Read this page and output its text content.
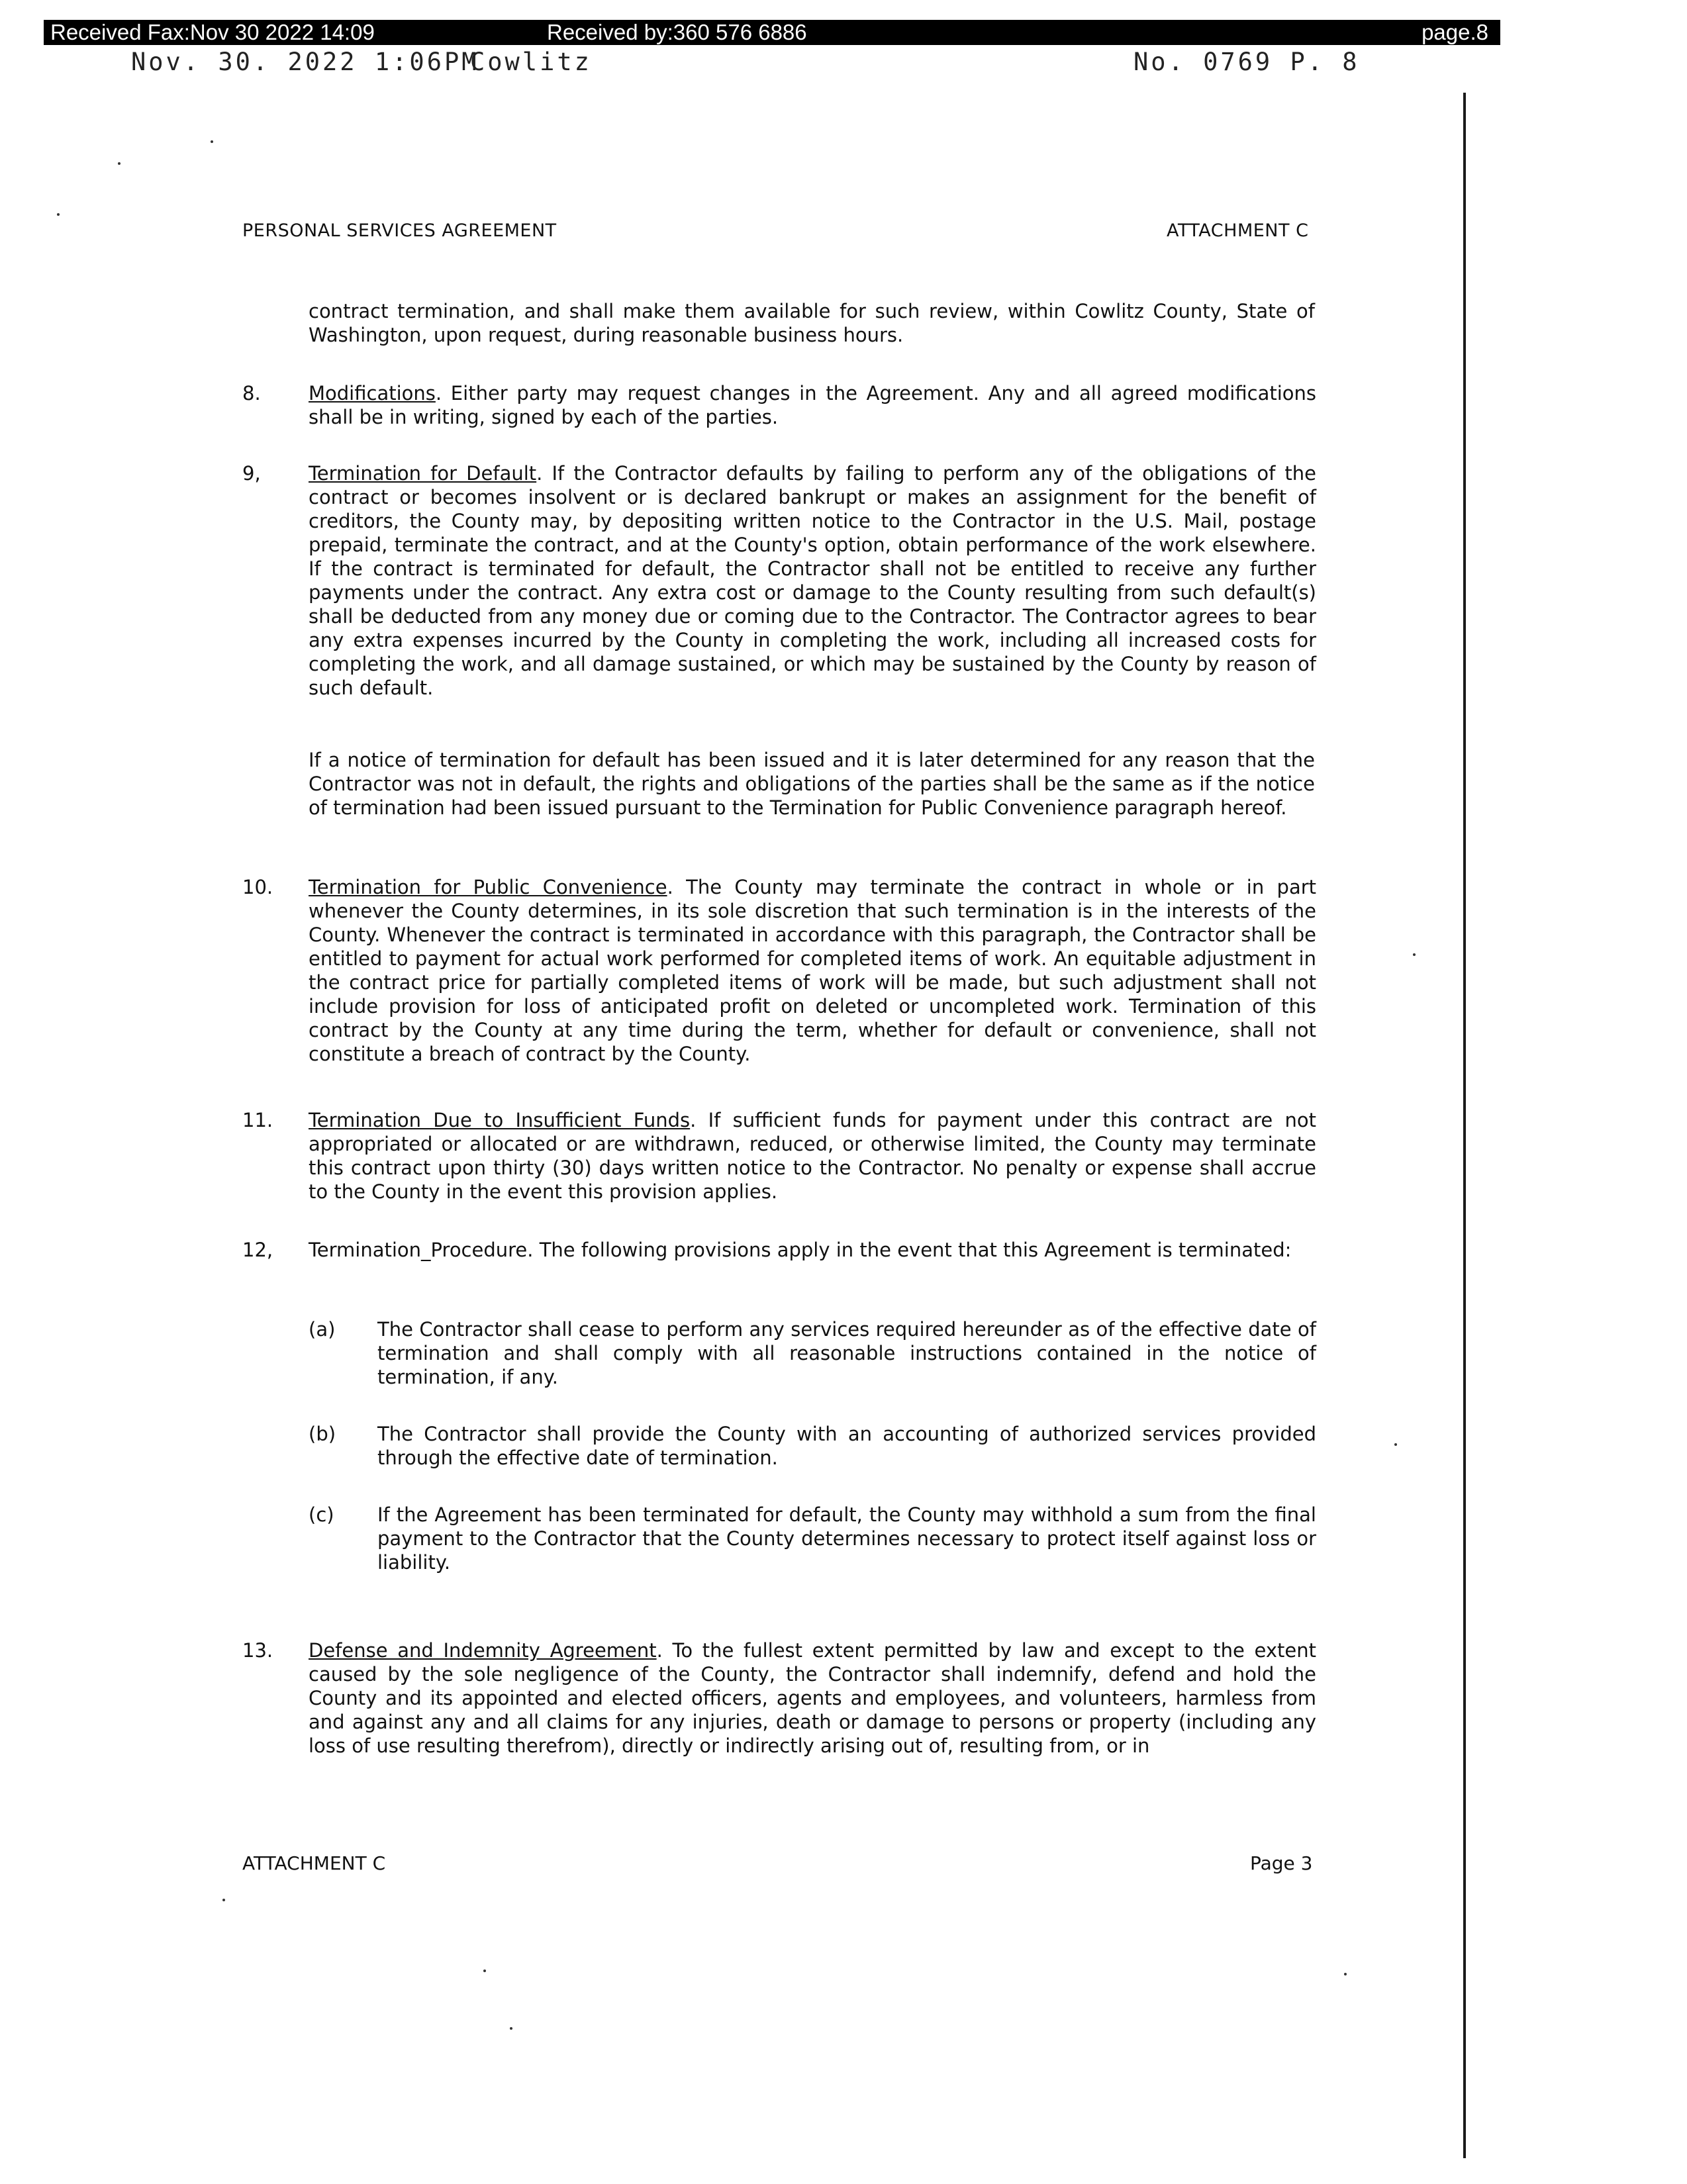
Received Fax:Nov 30 2022 14:09	Received by:360 576 6886	page.8
Nov. 30. 2022 1:06PM
Cowlitz	No. 0769 P. 8
PERSONAL SERVICES AGREEMENT	ATTACHMENT C
contract termination, and shall make them available for such review, within Cowlitz County, State of Washington, upon request, during reasonable business hours.
8. Modifications. Either party may request changes in the Agreement. Any and all agreed modifications shall be in writing, signed by each of the parties.
9, Termination for Default. If the Contractor defaults by failing to perform any of the obligations of the contract or becomes insolvent or is declared bankrupt or makes an assignment for the benefit of creditors, the County may, by depositing written notice to the Contractor in the U.S. Mail, postage prepaid, terminate the contract, and at the County's option, obtain performance of the work elsewhere. If the contract is terminated for default, the Contractor shall not be entitled to receive any further payments under the contract. Any extra cost or damage to the County resulting from such default(s) shall be deducted from any money due or coming due to the Contractor. The Contractor agrees to bear any extra expenses incurred by the County in completing the work, including all increased costs for completing the work, and all damage sustained, or which may be sustained by the County by reason of such default.
If a notice of termination for default has been issued and it is later determined for any reason that the Contractor was not in default, the rights and obligations of the parties shall be the same as if the notice of termination had been issued pursuant to the Termination for Public Convenience paragraph hereof.
10. Termination for Public Convenience. The County may terminate the contract in whole or in part whenever the County determines, in its sole discretion that such termination is in the interests of the County. Whenever the contract is terminated in accordance with this paragraph, the Contractor shall be entitled to payment for actual work performed for completed items of work. An equitable adjustment in the contract price for partially completed items of work will be made, but such adjustment shall not include provision for loss of anticipated profit on deleted or uncompleted work. Termination of this contract by the County at any time during the term, whether for default or convenience, shall not constitute a breach of contract by the County.
11. Termination Due to Insufficient Funds. If sufficient funds for payment under this contract are not appropriated or allocated or are withdrawn, reduced, or otherwise limited, the County may terminate this contract upon thirty (30) days written notice to the Contractor. No penalty or expense shall accrue to the County in the event this provision applies.
12, Termination_Procedure. The following provisions apply in the event that this Agreement is terminated:
(a) The Contractor shall cease to perform any services required hereunder as of the effective date of termination and shall comply with all reasonable instructions contained in the notice of termination, if any.
(b) The Contractor shall provide the County with an accounting of authorized services provided through the effective date of termination.
(c) If the Agreement has been terminated for default, the County may withhold a sum from the final payment to the Contractor that the County determines necessary to protect itself against loss or liability.
13. Defense and Indemnity Agreement. To the fullest extent permitted by law and except to the extent caused by the sole negligence of the County, the Contractor shall indemnify, defend and hold the County and its appointed and elected officers, agents and employees, and volunteers, harmless from and against any and all claims for any injuries, death or damage to persons or property (including any loss of use resulting therefrom), directly or indirectly arising out of, resulting from, or in
ATTACHMENT C	Page 3
